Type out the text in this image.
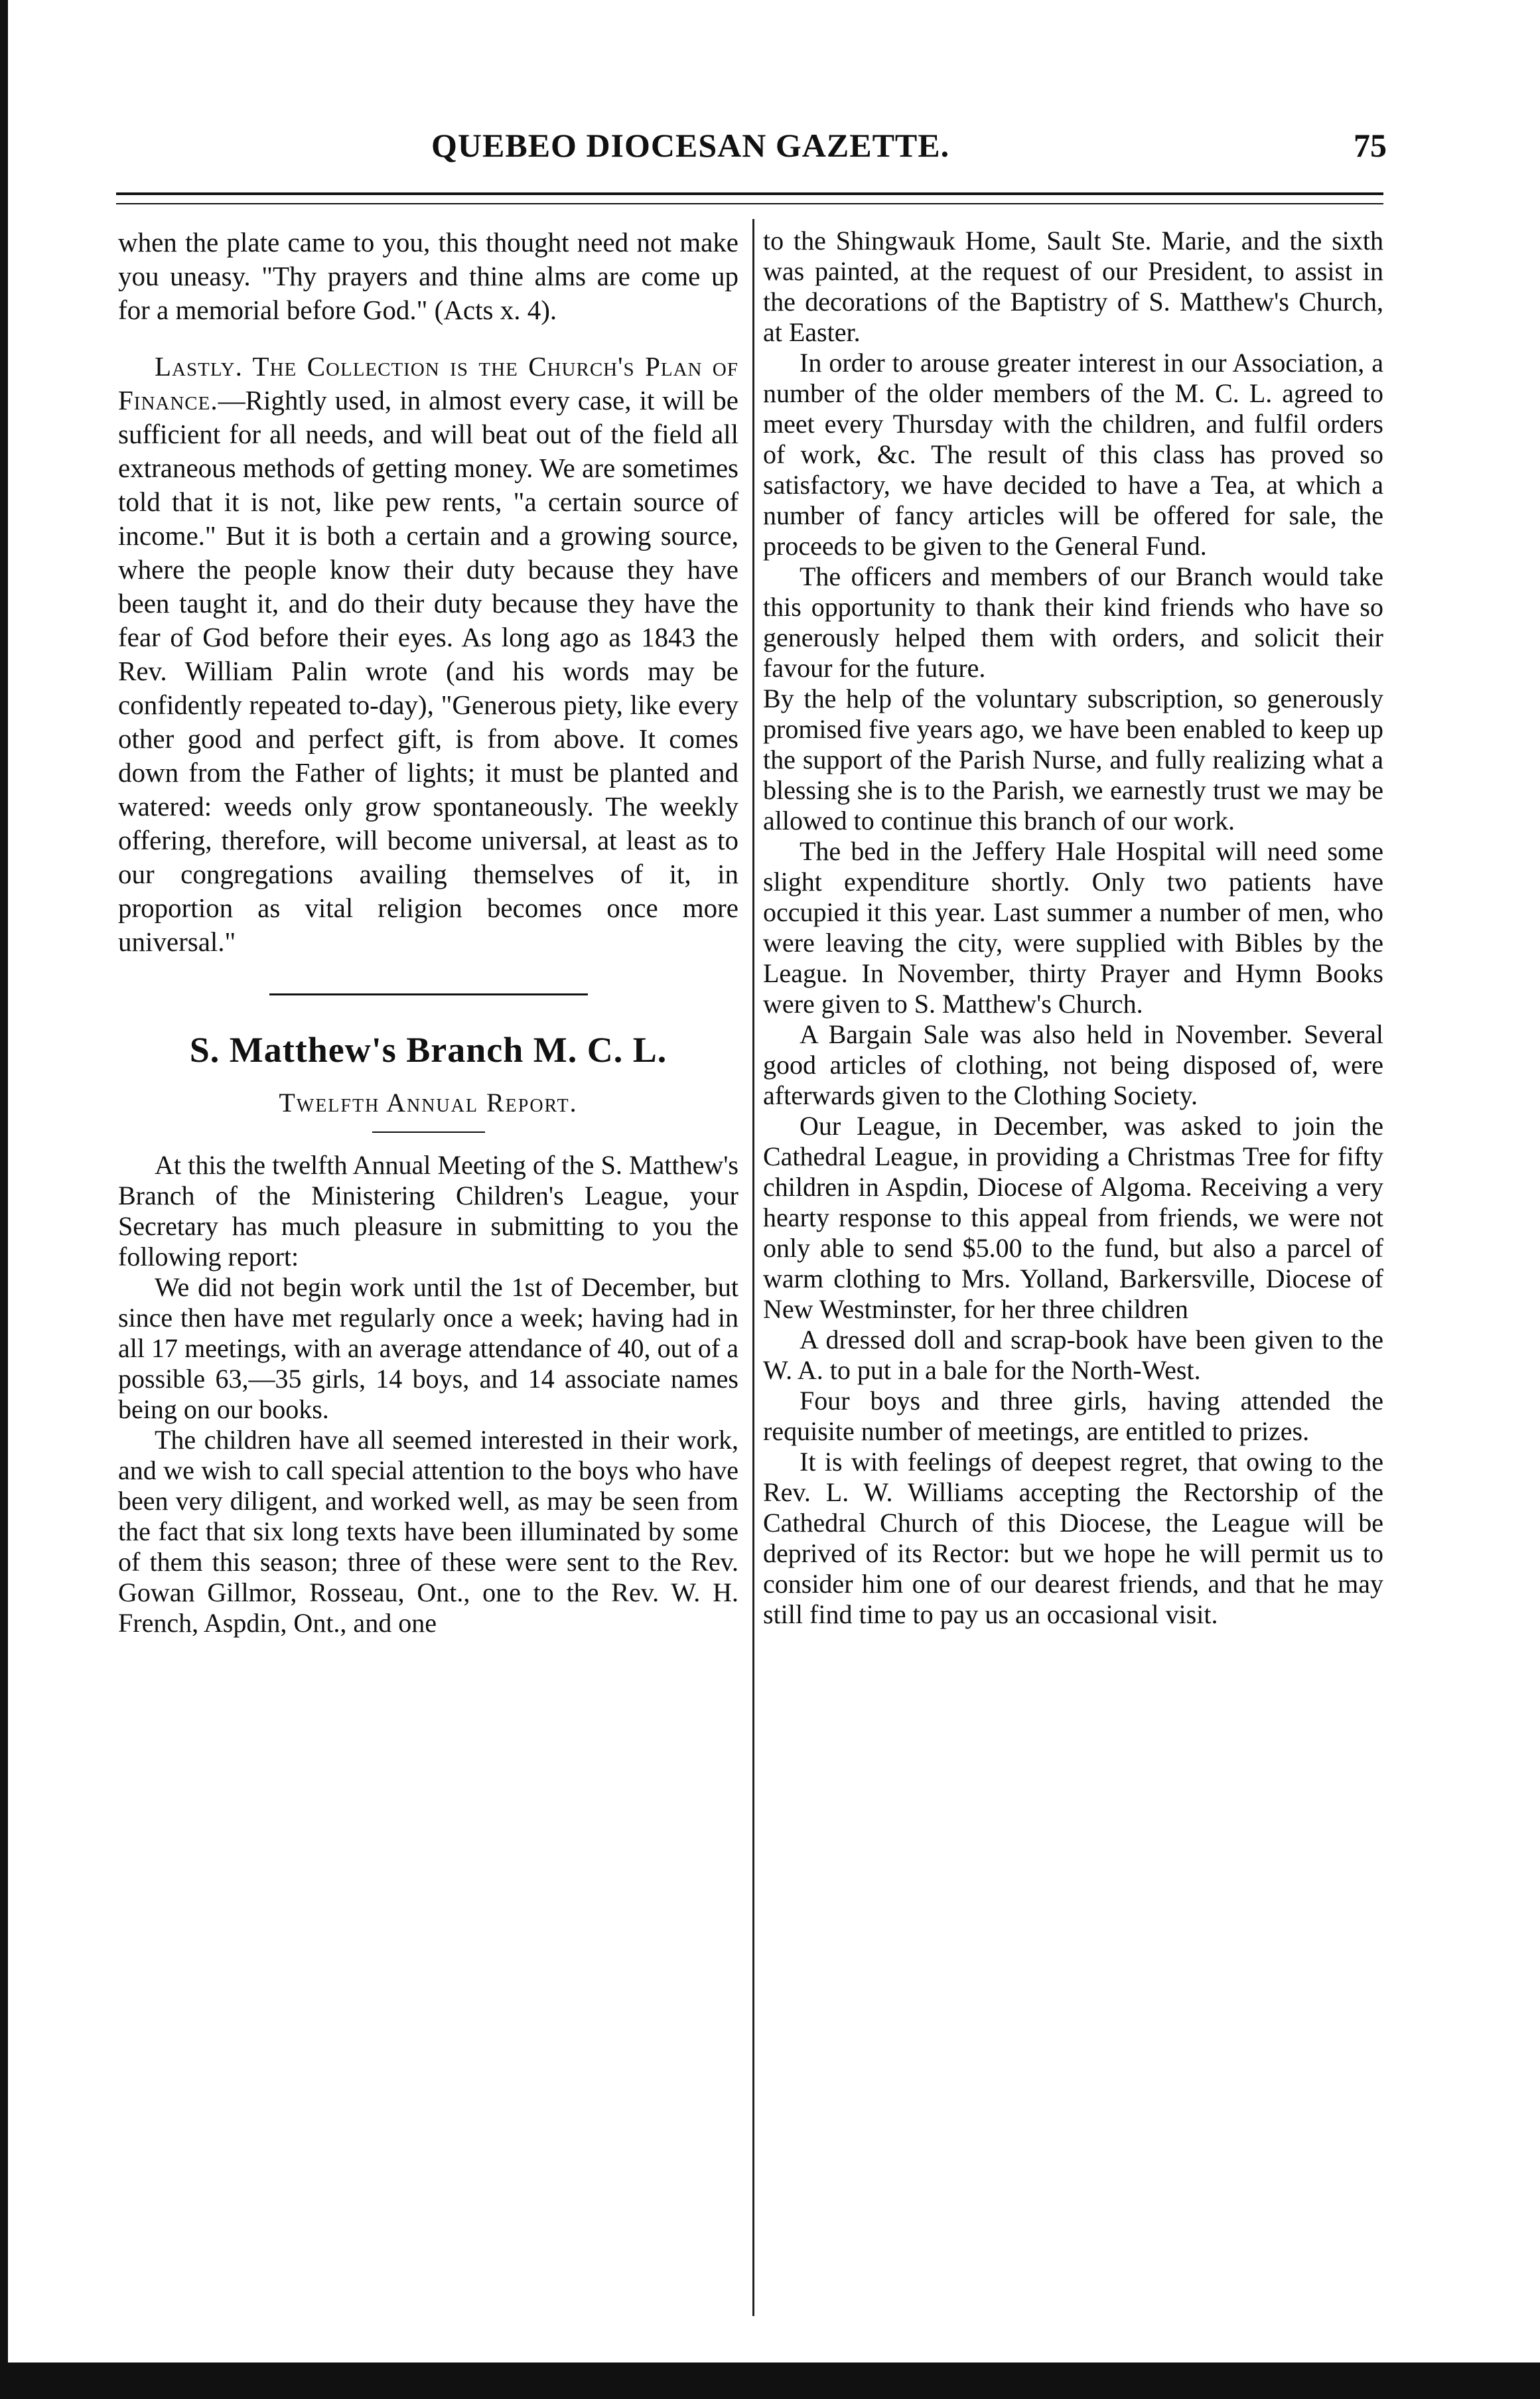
QUEBEO DIOCESAN GAZETTE.	75

when the plate came to you, this thought need not make you uneasy. "Thy prayers and thine alms are come up for a memorial before God." (Acts x. 4).

Lastly. The Collection is the Church's Plan of Finance.—Rightly used, in almost every case, it will be sufficient for all needs, and will beat out of the field all extraneous methods of getting money. We are sometimes told that it is not, like pew rents, "a certain source of income." But it is both a certain and a growing source, where the people know their duty because they have been taught it, and do their duty because they have the fear of God before their eyes. As long ago as 1843 the Rev. William Palin wrote (and his words may be confidently repeated to-day), "Generous piety, like every other good and perfect gift, is from above. It comes down from the Father of lights; it must be planted and watered: weeds only grow spontaneously. The weekly offering, therefore, will become universal, at least as to our congregations availing themselves of it, in proportion as vital religion becomes once more universal."

S. Matthew's Branch M. C. L.
Twelfth Annual Report.

At this the twelfth Annual Meeting of the S. Matthew's Branch of the Ministering Children's League, your Secretary has much pleasure in submitting to you the following report:

We did not begin work until the 1st of December, but since then have met regularly once a week; having had in all 17 meetings, with an average attendance of 40, out of a possible 63,—35 girls, 14 boys, and 14 associate names being on our books.

The children have all seemed interested in their work, and we wish to call special attention to the boys who have been very diligent, and worked well, as may be seen from the fact that six long texts have been illuminated by some of them this season; three of these were sent to the Rev. Gowan Gillmor, Rosseau, Ont., one to the Rev. W. H. French, Aspdin, Ont., and one

to the Shingwauk Home, Sault Ste. Marie, and the sixth was painted, at the request of our President, to assist in the decorations of the Baptistry of S. Matthew's Church, at Easter.

In order to arouse greater interest in our Association, a number of the older members of the M. C. L. agreed to meet every Thursday with the children, and fulfil orders of work, &c. The result of this class has proved so satisfactory, we have decided to have a Tea, at which a number of fancy articles will be offered for sale, the proceeds to be given to the General Fund.

The officers and members of our Branch would take this opportunity to thank their kind friends who have so generously helped them with orders, and solicit their favour for the future.

By the help of the voluntary subscription, so generously promised five years ago, we have been enabled to keep up the support of the Parish Nurse, and fully realizing what a blessing she is to the Parish, we earnestly trust we may be allowed to continue this branch of our work.

The bed in the Jeffery Hale Hospital will need some slight expenditure shortly. Only two patients have occupied it this year. Last summer a number of men, who were leaving the city, were supplied with Bibles by the League. In November, thirty Prayer and Hymn Books were given to S. Matthew's Church.

A Bargain Sale was also held in November. Several good articles of clothing, not being disposed of, were afterwards given to the Clothing Society.

Our League, in December, was asked to join the Cathedral League, in providing a Christmas Tree for fifty children in Aspdin, Diocese of Algoma. Receiving a very hearty response to this appeal from friends, we were not only able to send $5.00 to the fund, but also a parcel of warm clothing to Mrs. Yolland, Barkersville, Diocese of New Westminster, for her three children

A dressed doll and scrap-book have been given to the W. A. to put in a bale for the North-West.

Four boys and three girls, having attended the requisite number of meetings, are entitled to prizes.

It is with feelings of deepest regret, that owing to the Rev. L. W. Williams accepting the Rectorship of the Cathedral Church of this Diocese, the League will be deprived of its Rector: but we hope he will permit us to consider him one of our dearest friends, and that he may still find time to pay us an occasional visit.
